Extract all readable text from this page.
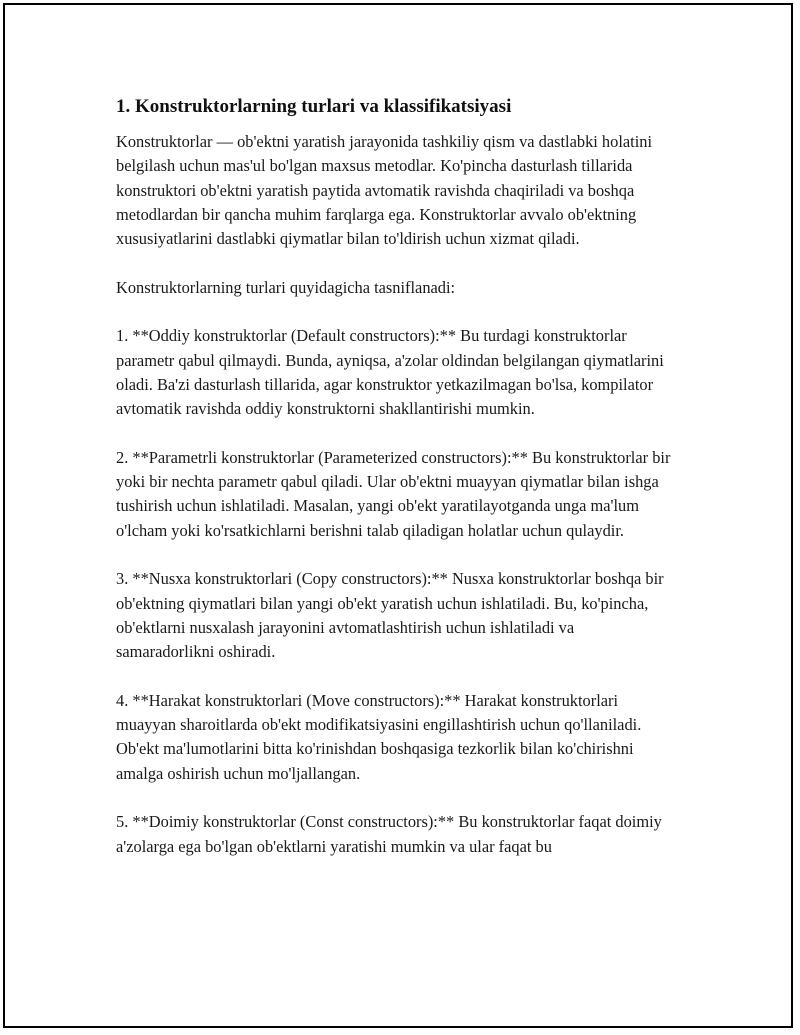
1. Konstruktorlarning turlari va klassifikatsiyasi

Konstruktorlar — ob'ektni yaratish jarayonida tashkiliy qism va dastlabki holatini belgilash uchun mas'ul bo'lgan maxsus metodlar. Ko'pincha dasturlash tillarida konstruktori ob'ektni yaratish paytida avtomatik ravishda chaqiriladi va boshqa metodlardan bir qancha muhim farqlarga ega. Konstruktorlar avvalo ob'ektning xususiyatlarini dastlabki qiymatlar bilan to'ldirish uchun xizmat qiladi.

Konstruktorlarning turlari quyidagicha tasniflanadi:

1. **Oddiy konstruktorlar (Default constructors):** Bu turdagi konstruktorlar parametr qabul qilmaydi. Bunda, ayniqsa, a'zolar oldindan belgilangan qiymatlarini oladi. Ba'zi dasturlash tillarida, agar konstruktor yetkazilmagan bo'lsa, kompilator avtomatik ravishda oddiy konstruktorni shakllantirishi mumkin.

2. **Parametrli konstruktorlar (Parameterized constructors):** Bu konstruktorlar bir yoki bir nechta parametr qabul qiladi. Ular ob'ektni muayyan qiymatlar bilan ishga tushirish uchun ishlatiladi. Masalan, yangi ob'ekt yaratilayotganda unga ma'lum o'lcham yoki ko'rsatkichlarni berishni talab qiladigan holatlar uchun qulaydir.

3. **Nusxa konstruktorlari (Copy constructors):** Nusxa konstruktorlar boshqa bir ob'ektning qiymatlari bilan yangi ob'ekt yaratish uchun ishlatiladi. Bu, ko'pincha, ob'ektlarni nusxalash jarayonini avtomatlashtirish uchun ishlatiladi va samaradorlikni oshiradi.

4. **Harakat konstruktorlari (Move constructors):** Harakat konstruktorlari muayyan sharoitlarda ob'ekt modifikatsiyasini engillashtirish uchun qo'llaniladi. Ob'ekt ma'lumotlarini bitta ko'rinishdan boshqasiga tezkorlik bilan ko'chirishni amalga oshirish uchun mo'ljallangan.

5. **Doimiy konstruktorlar (Const constructors):** Bu konstruktorlar faqat doimiy a'zolarga ega bo'lgan ob'ektlarni yaratishi mumkin va ular faqat bu
